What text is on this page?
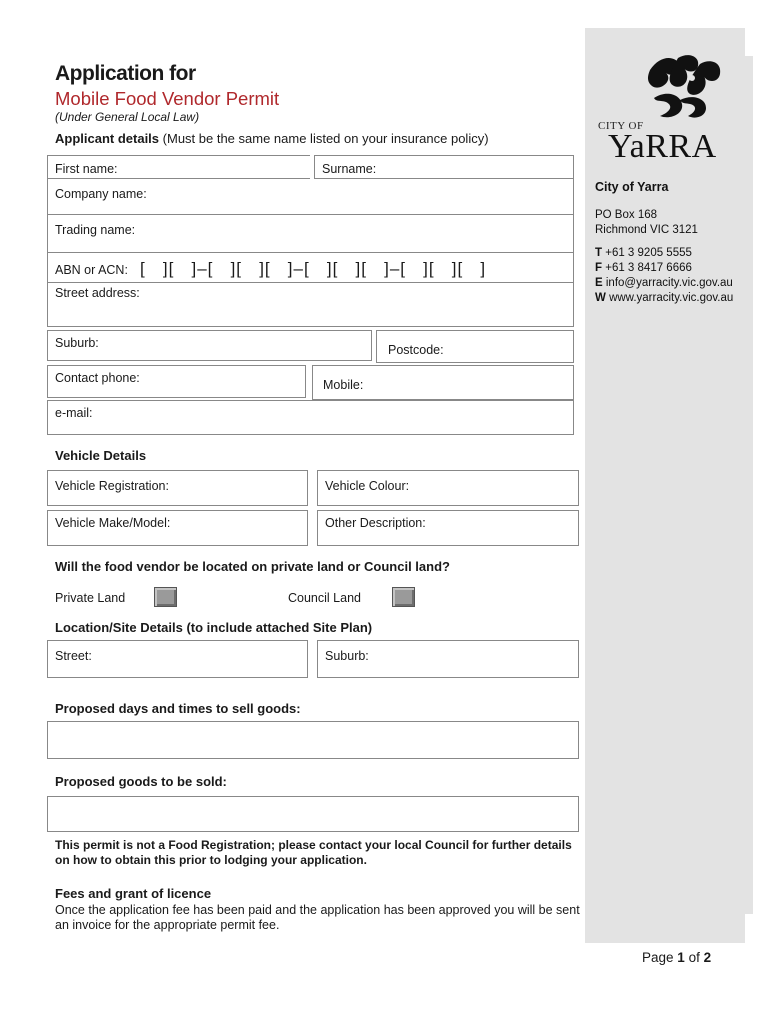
CITY OF
YaRRA
City of Yarra
PO Box 168
Richmond VIC 3121
T +61 3 9205 5555
F +61 3 8417 6666
E info@yarracity.vic.gov.au
W www.yarracity.vic.gov.au
Application for
Mobile Food Vendor Permit
(Under General Local Law)
Applicant details (Must be the same name listed on your insurance policy)
First name:	Surname:
Company name:
Trading name:
ABN or ACN: [   ][   ]–[   ][   ][   ]–[   ][   ][   ]–[   ][   ][   ]
Street address:
Suburb:	Postcode:
Contact phone:	Mobile:
e-mail:
Vehicle Details
Vehicle Registration:	Vehicle Colour:
Vehicle Make/Model:	Other Description:
Will the food vendor be located on private land or Council land?
Private Land	Council Land
Location/Site Details (to include attached Site Plan)
Street:	Suburb:
Proposed days and times to sell goods:
Proposed goods to be sold:
This permit is not a Food Registration; please contact your local Council for further details on how to obtain this prior to lodging your application.
Fees and grant of licence
Once the application fee has been paid and the application has been approved you will be sent an invoice for the appropriate permit fee.
Page 1 of 2
